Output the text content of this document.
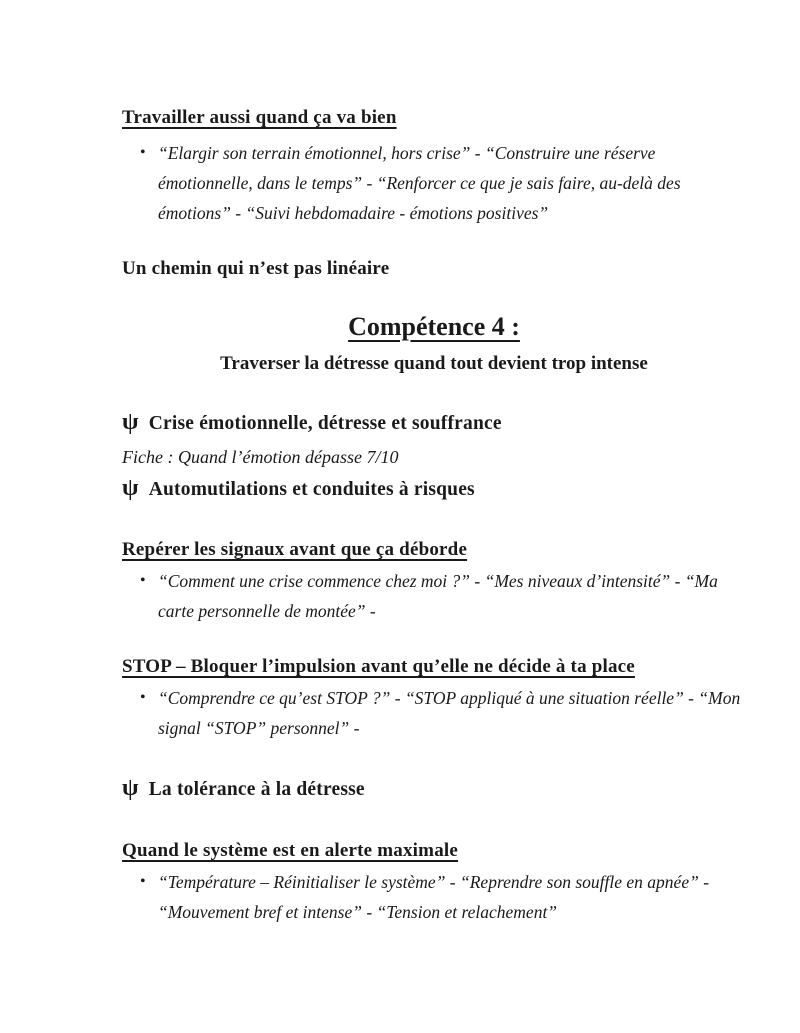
Travailler aussi quand ça va bien
• “Elargir son terrain émotionnel, hors crise” - “Construire une réserve émotionnelle, dans le temps” - “Renforcer ce que je sais faire, au-delà des émotions” - “Suivi hebdomadaire - émotions positives”
Un chemin qui n’est pas linéaire
Compétence 4 :
Traverser la détresse quand tout devient trop intense
ψ Crise émotionnelle, détresse et souffrance
Fiche : Quand l’émotion dépasse 7/10
ψ Automutilations et conduites à risques
Repérer les signaux avant que ça déborde
• “Comment une crise commence chez moi ?” - “Mes niveaux d’intensité” - “Ma carte personnelle de montée” -
STOP – Bloquer l’impulsion avant qu’elle ne décide à ta place
• “Comprendre ce qu’est STOP ?” - “STOP appliqué à une situation réelle” - “Mon signal “STOP” personnel” -
ψ La tolérance à la détresse
Quand le système est en alerte maximale
• “Température – Réinitialiser le système” - “Reprendre son souffle en apnée” - “Mouvement bref et intense” - “Tension et relachement”
